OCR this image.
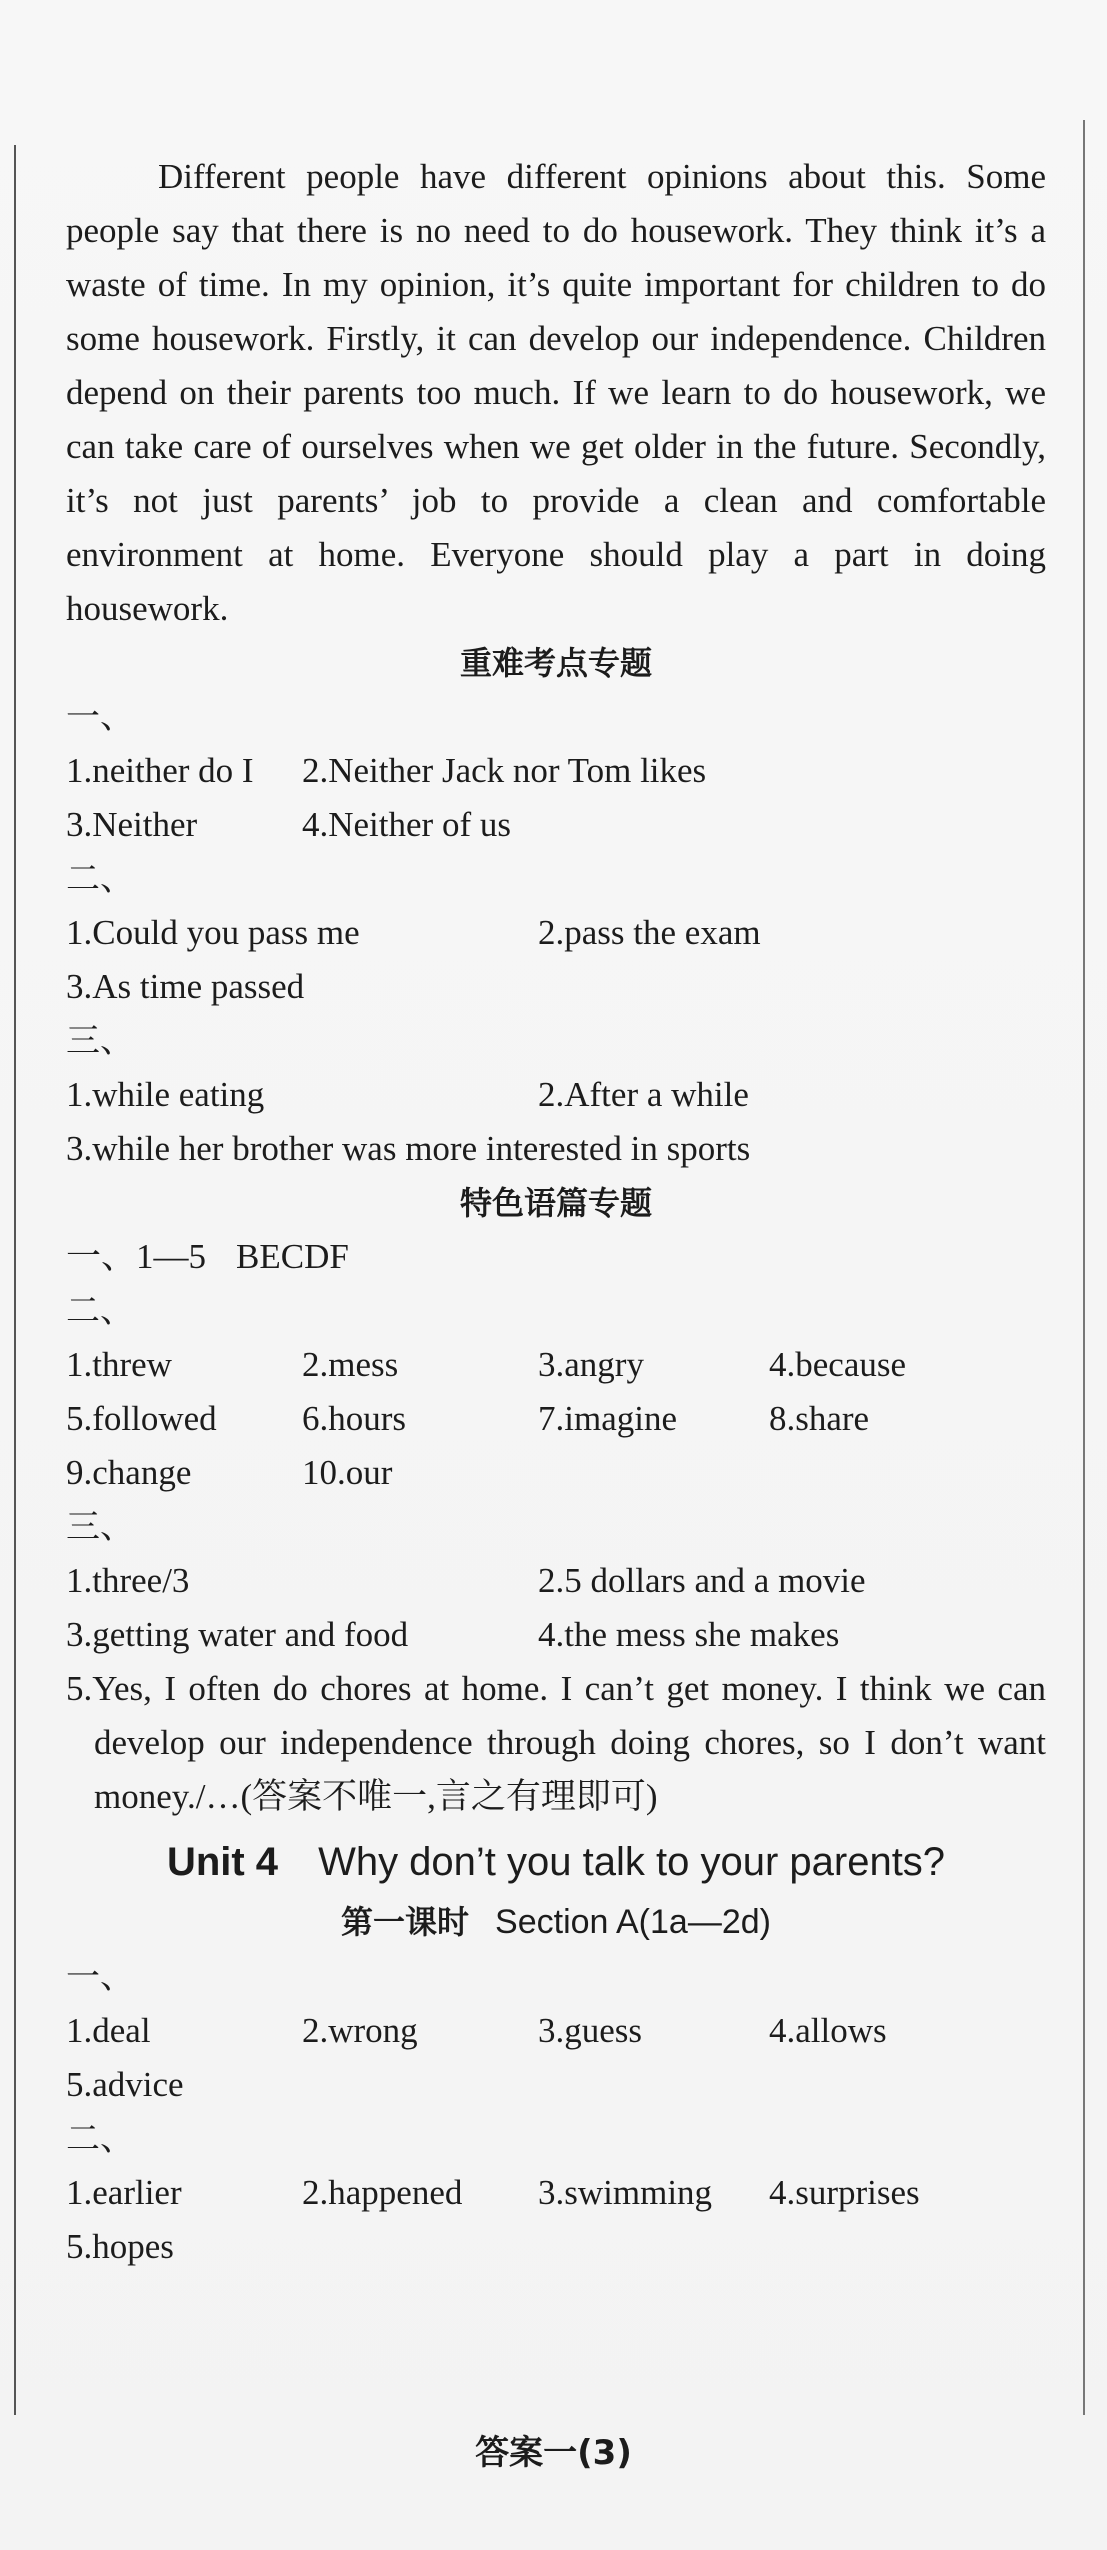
Different people have different opinions about this. Some people say that there is no need to do housework. They think it’s a waste of time. In my opinion, it’s quite important for children to do some housework. Firstly, it can develop our independence. Children depend on their parents too much. If we learn to do housework, we can take care of ourselves when we get older in the future. Secondly, it’s not just parents’ job to provide a clean and comfortable environment at home. Everyone should play a part in doing housework.

重难考点专题
一、
1.neither do I 2.Neither Jack nor Tom likes
3.Neither	4.Neither of us
二、
1.Could you pass me	2.pass the exam
3.As time passed
三、
1.while eating	2.After a while
3.while her brother was more interested in sports
特色语篇专题
一、1—5 BECDF
二、
1.threw	2.mess	3.angry	4.because
5.followed 6.hours	7.imagine	8.share
9.change	10.our
三、
1.three/3	2.5 dollars and a movie
3.getting water and food	4.the mess she makes
5.Yes, I often do chores at home. I can’t get money. I think we can develop our independence through doing chores, so I don’t want money./…(答案不唯一,言之有理即可)
Unit 4 Why don’t you talk to your parents?
第一课时 Section A(1a—2d)
一、
1.deal	2.wrong	3.guess	4.allows
5.advice
二、
1.earlier	2.happened 3.swimming 4.surprises
5.hopes
答案一(3)
